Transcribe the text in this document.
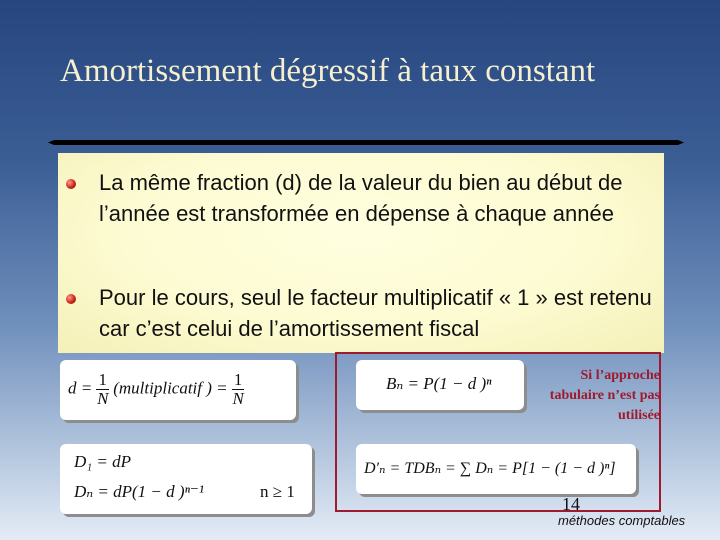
Amortissement dégressif à taux constant
La même fraction (d) de la valeur du bien au début de l’année est transformée en dépense à chaque année
Pour le cours, seul le facteur multiplicatif « 1 » est retenu car c’est celui de l’amortissement fiscal
$d = \frac{1}{N}$ (multiplicatif ) = $\frac{1}{N}$
D₁ = dP
Dₙ = dP(1 − d )ⁿ⁻¹	n ≥ 1
Bₙ = P(1 − d )ⁿ	Si l’approche tabulaire n’est pas utilisée
D′ₙ = TDBₙ = ∑ Dₙ = P[1 − (1 − d )ⁿ]
14
méthodes comptables
